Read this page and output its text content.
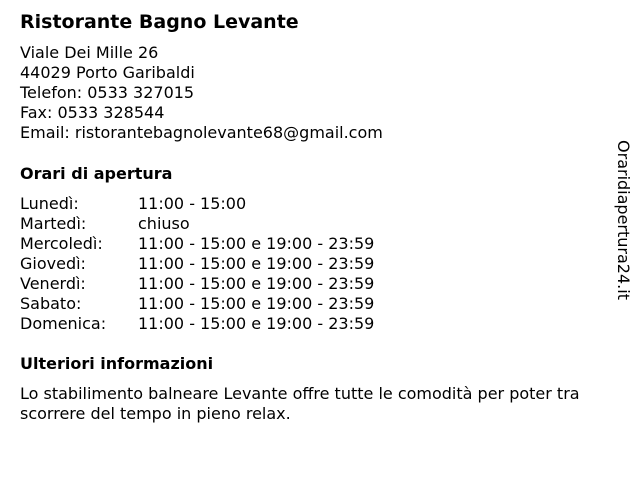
Ristorante Bagno Levante
Viale Dei Mille 26
44029 Porto Garibaldi
Telefon: 0533 327015
Fax: 0533 328544
Email: ristorantebagnolevante68@gmail.com
Orari di apertura
Lunedì:	11:00 - 15:00
Martedì:	chiuso
Mercoledì:	11:00 - 15:00 e 19:00 - 23:59
Giovedì:	11:00 - 15:00 e 19:00 - 23:59
Venerdì:	11:00 - 15:00 e 19:00 - 23:59
Sabato:	11:00 - 15:00 e 19:00 - 23:59
Domenica:	11:00 - 15:00 e 19:00 - 23:59
Ulteriori informazioni
Lo stabilimento balneare Levante offre tutte le comodità per poter tra scorrere del tempo in pieno relax.
Oraridiapertura24.it
